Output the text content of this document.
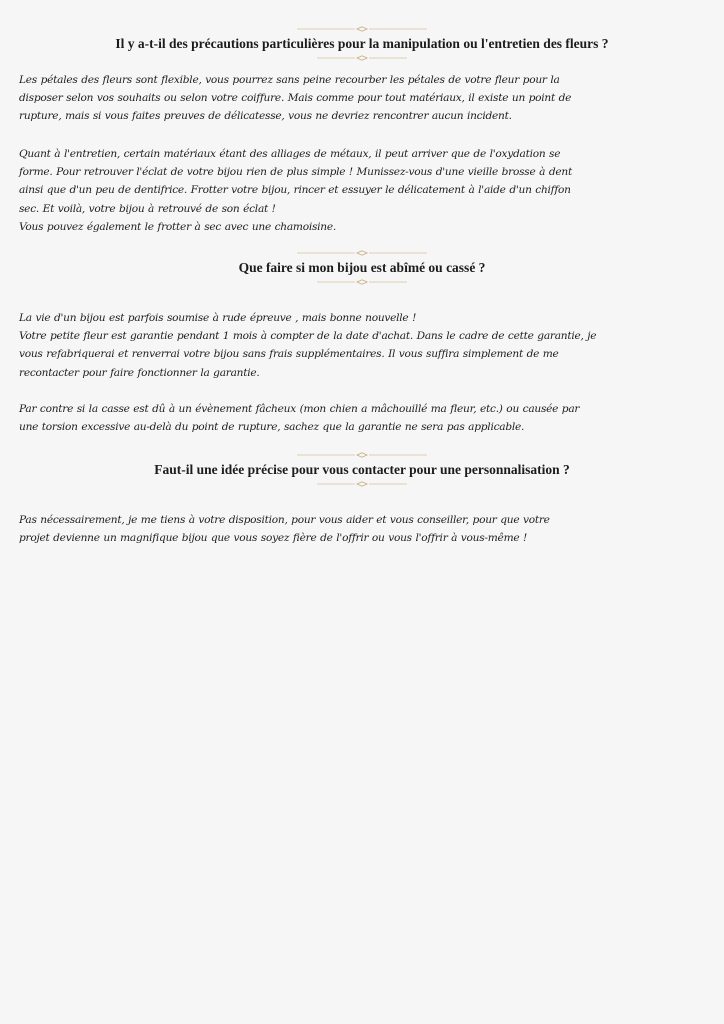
Il y a-t-il des précautions particulières pour la manipulation ou l'entretien des fleurs ?

Les pétales des fleurs sont flexible, vous pourrez sans peine recourber les pétales de votre fleur pour la
disposer selon vos souhaits ou selon votre coiffure. Mais comme pour tout matériaux, il existe un point de
rupture, mais si vous faites preuves de délicatesse, vous ne devriez rencontrer aucun incident.

Quant à l'entretien, certain matériaux étant des alliages de métaux, il peut arriver que de l'oxydation se
forme. Pour retrouver l'éclat de votre bijou rien de plus simple ! Munissez-vous d'une vieille brosse à dent
ainsi que d'un peu de dentifrice. Frotter votre bijou, rincer et essuyer le délicatement à l'aide d'un chiffon
sec. Et voilà, votre bijou à retrouvé de son éclat !
Vous pouvez également le frotter à sec avec une chamoisine.

Que faire si mon bijou est abîmé ou cassé ?

La vie d'un bijou est parfois soumise à rude épreuve , mais bonne nouvelle !
Votre petite fleur est garantie pendant 1 mois à compter de la date d'achat. Dans le cadre de cette garantie, je
vous refabriquerai et renverrai votre bijou sans frais supplémentaires. Il vous suffira simplement de me
recontacter pour faire fonctionner la garantie.

Par contre si la casse est dû à un évènement fâcheux (mon chien a mâchouillé ma fleur, etc.) ou causée par
une torsion excessive au-delà du point de rupture, sachez que la garantie ne sera pas applicable.

Faut-il une idée précise pour vous contacter pour une personnalisation ?

Pas nécessairement, je me tiens à votre disposition, pour vous aider et vous conseiller, pour que votre
projet devienne un magnifique bijou que vous soyez fière de l'offrir ou vous l'offrir à vous-même !
